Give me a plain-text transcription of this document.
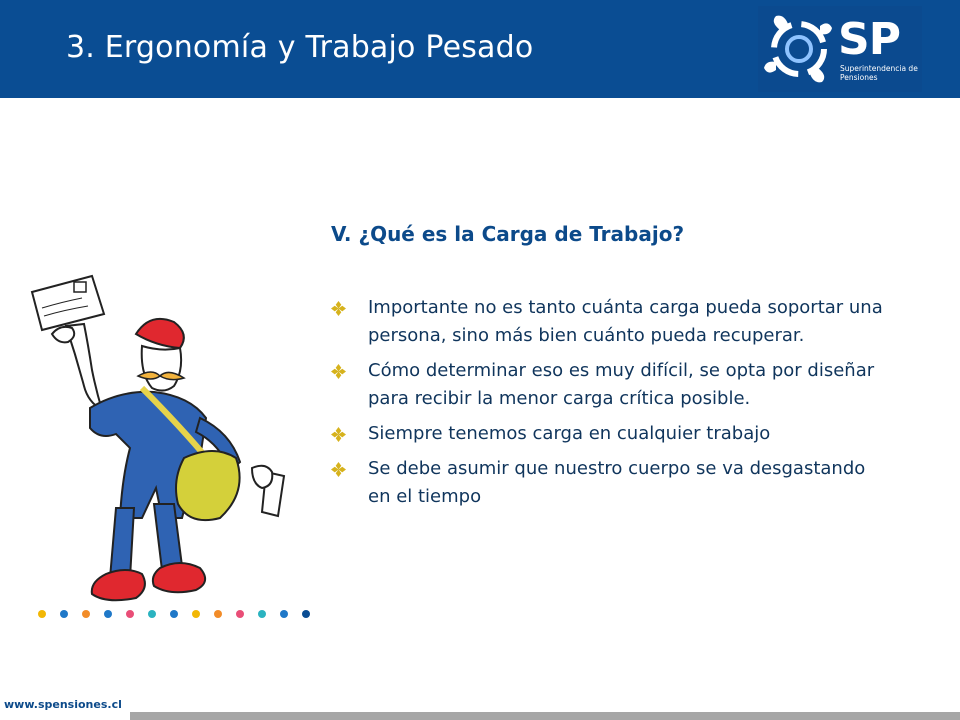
3. Ergonomía y Trabajo Pesado	SP
Superintendencia de
Pensiones
V. ¿Qué es la Carga de Trabajo?
Importante no es tanto cuánta carga pueda soportar una persona, sino más bien cuánto pueda recuperar.
Cómo determinar eso es muy difícil, se opta por diseñar para recibir la menor carga crítica posible.
Siempre tenemos carga en cualquier trabajo
Se debe asumir que nuestro cuerpo se va desgastando en el tiempo
www.spensiones.cl
